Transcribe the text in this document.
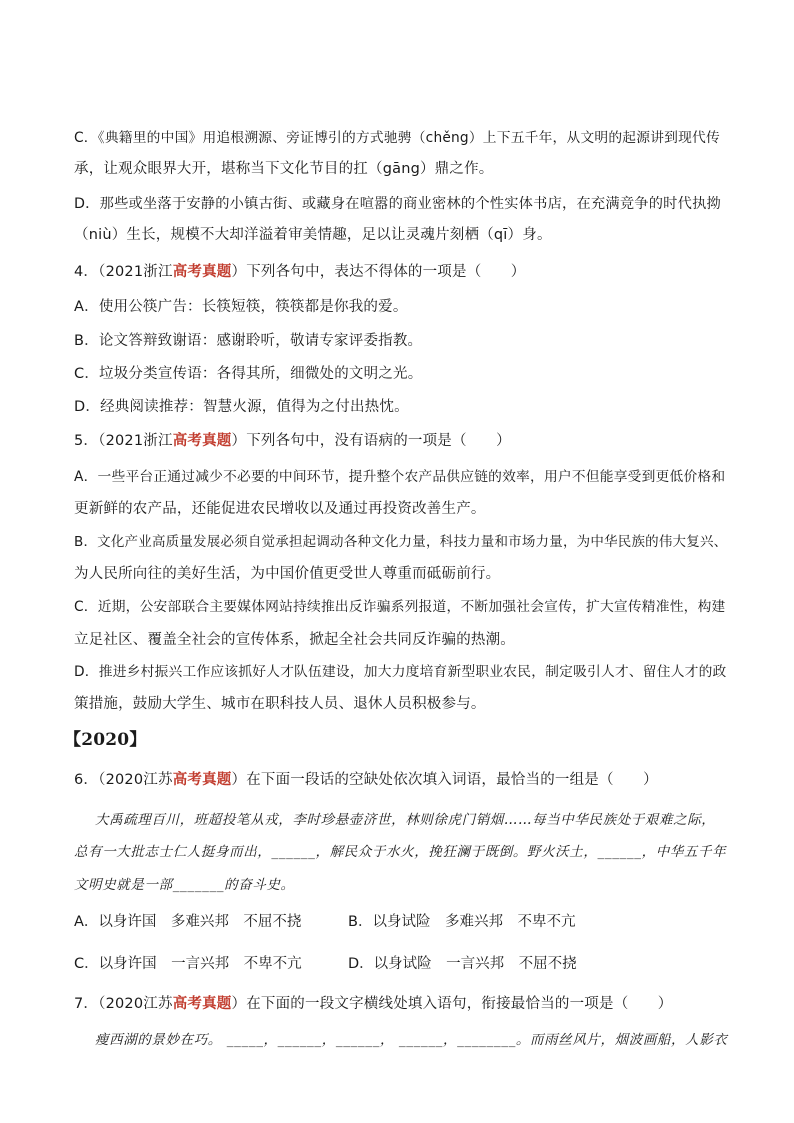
C．《典籍里的中国》用追根溯源、旁证博引的方式驰骋（chěng）上下五千年，从文明的起源讲到现代传
承，让观众眼界大开，堪称当下文化节目的扛（gāng）鼎之作。
D．那些或坐落于安静的小镇古街、或藏身在喧嚣的商业密林的个性实体书店，在充满竞争的时代执拗
（niù）生长，规模不大却洋溢着审美情趣，足以让灵魂片刻栖（qī）身。
4．（2021浙江高考真题）下列各句中，表达不得体的一项是（　　）
A．使用公筷广告：长筷短筷，筷筷都是你我的爱。
B．论文答辩致谢语：感谢聆听，敬请专家评委指教。
C．垃圾分类宣传语：各得其所，细微处的文明之光。
D．经典阅读推荐：智慧火源，值得为之付出热忱。
5．（2021浙江高考真题）下列各句中，没有语病的一项是（　　）
A．一些平台正通过减少不必要的中间环节，提升整个农产品供应链的效率，用户不但能享受到更低价格和
更新鲜的农产品，还能促进农民增收以及通过再投资改善生产。
B．文化产业高质量发展必须自觉承担起调动各种文化力量，科技力量和市场力量，为中华民族的伟大复兴、
为人民所向往的美好生活，为中国价值更受世人尊重而砥砺前行。
C．近期，公安部联合主要媒体网站持续推出反诈骗系列报道，不断加强社会宣传，扩大宣传精准性，构建
立足社区、覆盖全社会的宣传体系，掀起全社会共同反诈骗的热潮。
D．推进乡村振兴工作应该抓好人才队伍建设，加大力度培育新型职业农民，制定吸引人才、留住人才的政
策措施，鼓励大学生、城市在职科技人员、退休人员积极参与。
【2020】
6．（2020江苏高考真题）在下面一段话的空缺处依次填入词语，最恰当的一组是（　　）
大禹疏理百川，班超投笔从戎，李时珍悬壶济世，林则徐虎门销烟……每当中华民族处于艰难之际，
总有一大批志士仁人挺身而出，______，解民众于水火，挽狂澜于既倒。野火沃土，______，中华五千年
文明史就是一部_______的奋斗史。
A．以身许国　多难兴邦　不屈不挠	B．以身试险　多难兴邦　不卑不亢
C．以身许国　一言兴邦　不卑不亢	D．以身试险　一言兴邦　不屈不挠
7．（2020江苏高考真题）在下面的一段文字横线处填入语句，衔接最恰当的一项是（　　）
瘦西湖的景妙在巧。 _____，______，______， ______，________。而雨丝风片，烟波画船，人影衣
